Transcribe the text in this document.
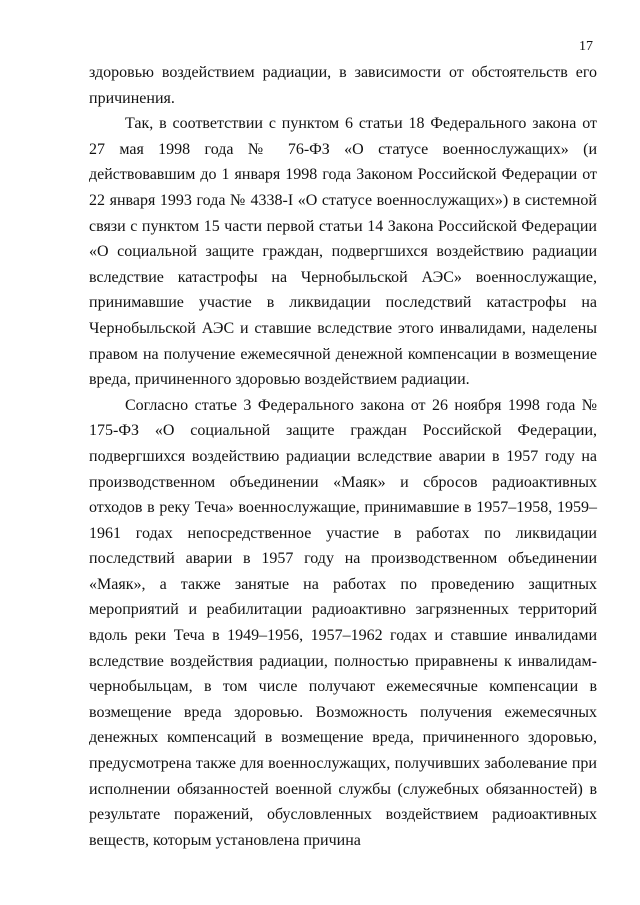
17

здоровью воздействием радиации, в зависимости от обстоятельств его причинения.

Так, в соответствии с пунктом 6 статьи 18 Федерального закона от 27 мая 1998 года № 76-ФЗ «О статусе военнослужащих» (и действовавшим до 1 января 1998 года Законом Российской Федерации от 22 января 1993 года № 4338-I «О статусе военнослужащих») в системной связи с пунктом 15 части первой статьи 14 Закона Российской Федерации «О социальной защите граждан, подвергшихся воздействию радиации вследствие катастрофы на Чернобыльской АЭС» военнослужащие, принимавшие участие в ликвидации последствий катастрофы на Чернобыльской АЭС и ставшие вследствие этого инвалидами, наделены правом на получение ежемесячной денежной компенсации в возмещение вреда, причиненного здоровью воздействием радиации.

Согласно статье 3 Федерального закона от 26 ноября 1998 года № 175-ФЗ «О социальной защите граждан Российской Федерации, подвергшихся воздействию радиации вследствие аварии в 1957 году на производственном объединении «Маяк» и сбросов радиоактивных отходов в реку Теча» военнослужащие, принимавшие в 1957–1958, 1959–1961 годах непосредственное участие в работах по ликвидации последствий аварии в 1957 году на производственном объединении «Маяк», а также занятые на работах по проведению защитных мероприятий и реабилитации радиоактивно загрязненных территорий вдоль реки Теча в 1949–1956, 1957–1962 годах и ставшие инвалидами вследствие воздействия радиации, полностью приравнены к инвалидам-чернобыльцам, в том числе получают ежемесячные компенсации в возмещение вреда здоровью. Возможность получения ежемесячных денежных компенсаций в возмещение вреда, причиненного здоровью, предусмотрена также для военнослужащих, получивших заболевание при исполнении обязанностей военной службы (служебных обязанностей) в результате поражений, обусловленных воздействием радиоактивных веществ, которым установлена причина
